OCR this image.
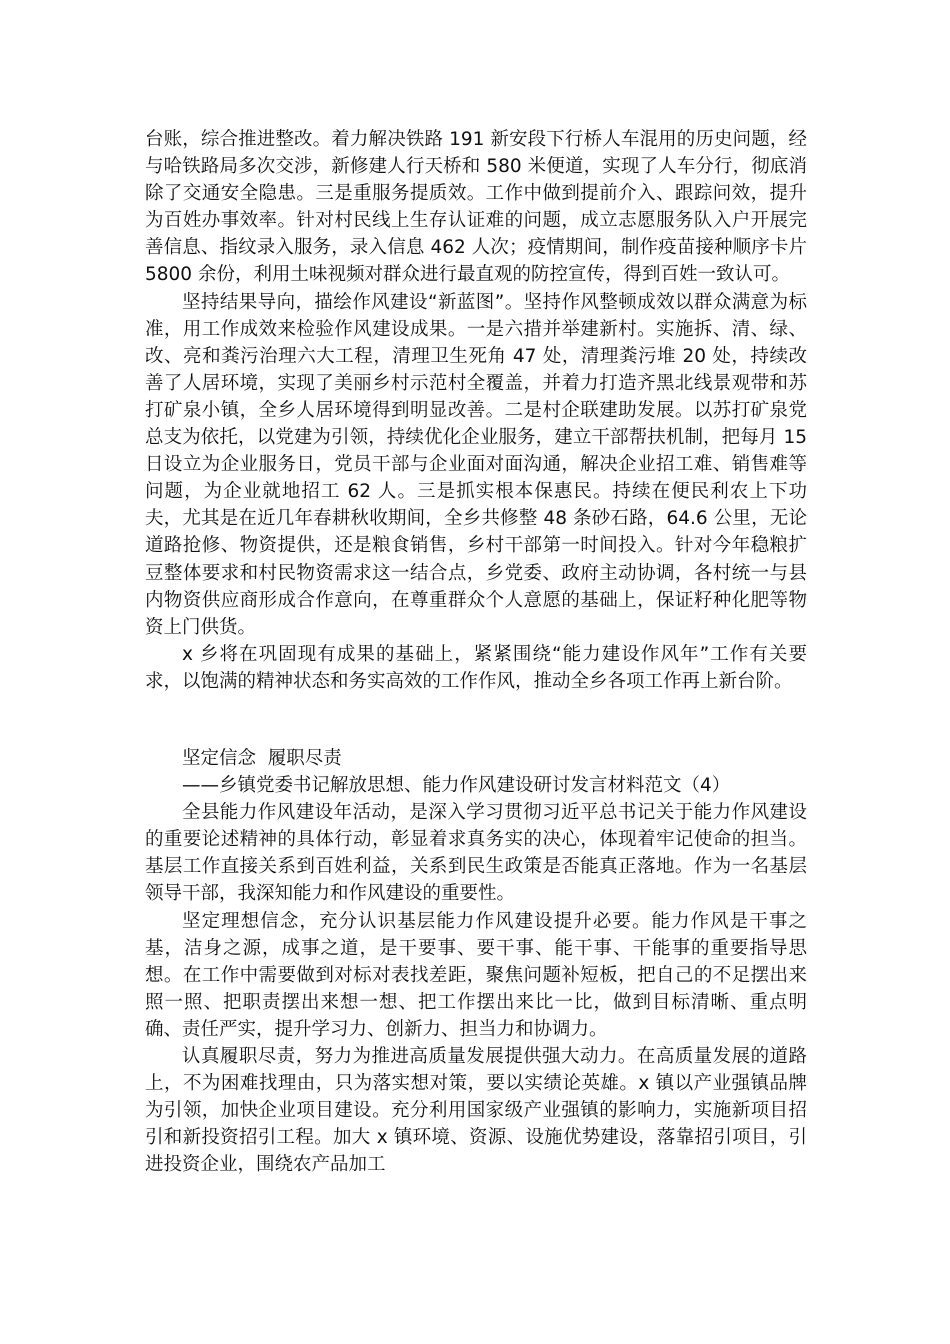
台账，综合推进整改。着力解决铁路 191 新安段下行桥人车混用的历史问题，经与哈铁路局多次交涉，新修建人行天桥和 580 米便道，实现了人车分行，彻底消除了交通安全隐患。三是重服务提质效。工作中做到提前介入、跟踪问效，提升为百姓办事效率。针对村民线上生存认证难的问题，成立志愿服务队入户开展完善信息、指纹录入服务，录入信息 462 人次；疫情期间，制作疫苗接种顺序卡片 5800 余份，利用土味视频对群众进行最直观的防控宣传，得到百姓一致认可。

坚持结果导向，描绘作风建设“新蓝图”。坚持作风整顿成效以群众满意为标准，用工作成效来检验作风建设成果。一是六措并举建新村。实施拆、清、绿、改、亮和粪污治理六大工程，清理卫生死角 47 处，清理粪污堆 20 处，持续改善了人居环境，实现了美丽乡村示范村全覆盖，并着力打造齐黑北线景观带和苏打矿泉小镇，全乡人居环境得到明显改善。二是村企联建助发展。以苏打矿泉党总支为依托，以党建为引领，持续优化企业服务，建立干部帮扶机制，把每月 15 日设立为企业服务日，党员干部与企业面对面沟通，解决企业招工难、销售难等问题，为企业就地招工 62 人。三是抓实根本保惠民。持续在便民利农上下功夫，尤其是在近几年春耕秋收期间，全乡共修整 48 条砂石路，64.6 公里，无论道路抢修、物资提供，还是粮食销售，乡村干部第一时间投入。针对今年稳粮扩豆整体要求和村民物资需求这一结合点，乡党委、政府主动协调，各村统一与县内物资供应商形成合作意向，在尊重群众个人意愿的基础上，保证籽种化肥等物资上门供货。

x 乡将在巩固现有成果的基础上，紧紧围绕“能力建设作风年”工作有关要求，以饱满的精神状态和务实高效的工作作风，推动全乡各项工作再上新台阶。

坚定信念  履职尽责

——乡镇党委书记解放思想、能力作风建设研讨发言材料范文（4）

全县能力作风建设年活动，是深入学习贯彻习近平总书记关于能力作风建设的重要论述精神的具体行动，彰显着求真务实的决心，体现着牢记使命的担当。基层工作直接关系到百姓利益，关系到民生政策是否能真正落地。作为一名基层领导干部，我深知能力和作风建设的重要性。

坚定理想信念，充分认识基层能力作风建设提升必要。能力作风是干事之基，洁身之源，成事之道，是干要事、要干事、能干事、干能事的重要指导思想。在工作中需要做到对标对表找差距，聚焦问题补短板，把自己的不足摆出来照一照、把职责摆出来想一想、把工作摆出来比一比，做到目标清晰、重点明确、责任严实，提升学习力、创新力、担当力和协调力。

认真履职尽责，努力为推进高质量发展提供强大动力。在高质量发展的道路上，不为困难找理由，只为落实想对策，要以实绩论英雄。x 镇以产业强镇品牌为引领，加快企业项目建设。充分利用国家级产业强镇的影响力，实施新项目招引和新投资招引工程。加大 x 镇环境、资源、设施优势建设，落靠招引项目，引进投资企业，围绕农产品加工
